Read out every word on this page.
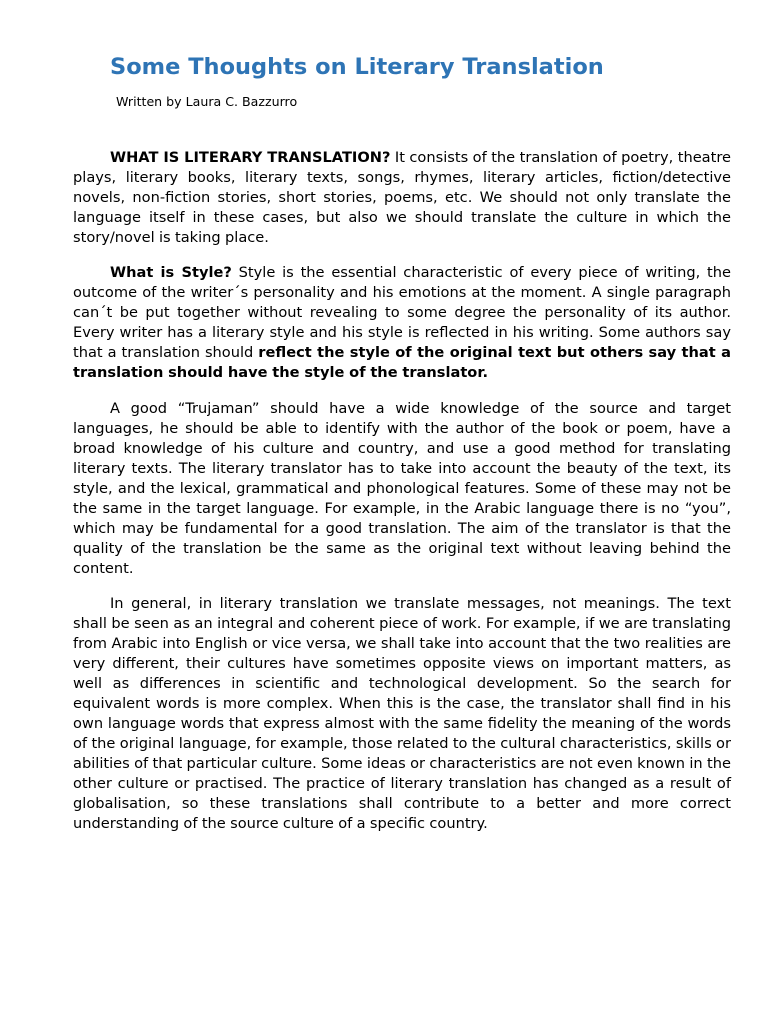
Some Thoughts on Literary Translation
Written by Laura C. Bazzurro

WHAT IS LITERARY TRANSLATION? It consists of the translation of poetry, theatre plays, literary books, literary texts, songs, rhymes, literary articles, fiction/detective novels, non-fiction stories, short stories, poems, etc. We should not only translate the language itself in these cases, but also we should translate the culture in which the story/novel is taking place.

What is Style? Style is the essential characteristic of every piece of writing, the outcome of the writer´s personality and his emotions at the moment. A single paragraph can´t be put together without revealing to some degree the personality of its author. Every writer has a literary style and his style is reflected in his writing. Some authors say that a translation should reflect the style of the original text but others say that a translation should have the style of the translator.

A good “Trujaman” should have a wide knowledge of the source and target languages, he should be able to identify with the author of the book or poem, have a broad knowledge of his culture and country, and use a good method for translating literary texts. The literary translator has to take into account the beauty of the text, its style, and the lexical, grammatical and phonological features. Some of these may not be the same in the target language. For example, in the Arabic language there is no “you”, which may be fundamental for a good translation. The aim of the translator is that the quality of the translation be the same as the original text without leaving behind the content.

In general, in literary translation we translate messages, not meanings. The text shall be seen as an integral and coherent piece of work. For example, if we are translating from Arabic into English or vice versa, we shall take into account that the two realities are very different, their cultures have sometimes opposite views on important matters, as well as differences in scientific and technological development. So the search for equivalent words is more complex. When this is the case, the translator shall find in his own language words that express almost with the same fidelity the meaning of the words of the original language, for example, those related to the cultural characteristics, skills or abilities of that particular culture. Some ideas or characteristics are not even known in the other culture or practised. The practice of literary translation has changed as a result of globalisation, so these translations shall contribute to a better and more correct understanding of the source culture of a specific country.
